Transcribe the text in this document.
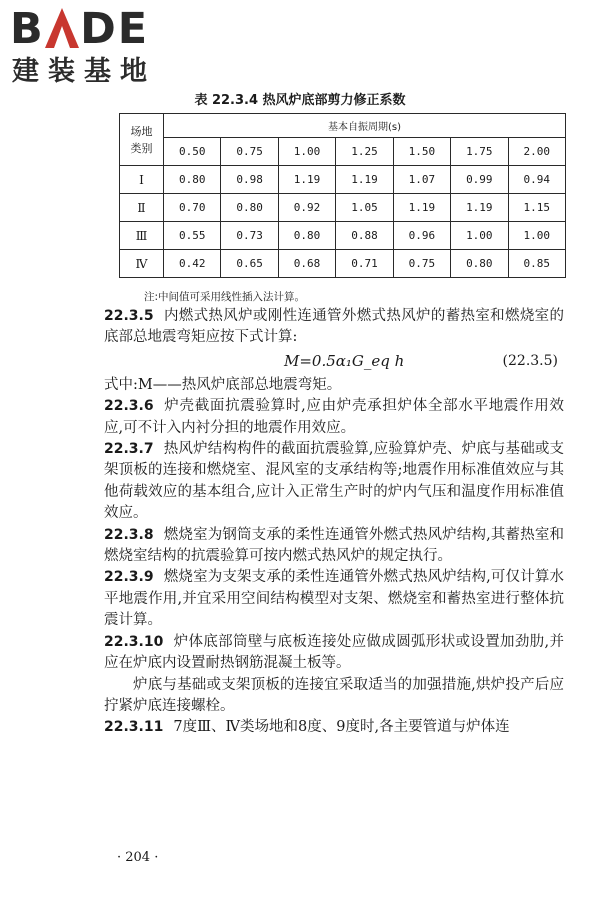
B DE
建装基地
表 22.3.4 热风炉底部剪力修正系数
场地
类别	基本自振周期(s)						
	0.50	0.75	1.00	1.25	1.50	1.75	2.00
Ⅰ	0.80	0.98	1.19	1.19	1.07	0.99	0.94
Ⅱ	0.70	0.80	0.92	1.05	1.19	1.19	1.15
Ⅲ	0.55	0.73	0.80	0.88	0.96	1.00	1.00
Ⅳ	0.42	0.65	0.68	0.71	0.75	0.80	0.85
注:中间值可采用线性插入法计算。

22.3.5 内燃式热风炉或刚性连通管外燃式热风炉的蓄热室和燃烧室的底部总地震弯矩应按下式计算:

M=0.5α₁G_eq h	(22.3.5)

式中:M——热风炉底部总地震弯矩。

22.3.6 炉壳截面抗震验算时,应由炉壳承担炉体全部水平地震作用效应,可不计入内衬分担的地震作用效应。

22.3.7 热风炉结构构件的截面抗震验算,应验算炉壳、炉底与基础或支架顶板的连接和燃烧室、混风室的支承结构等;地震作用标准值效应与其他荷载效应的基本组合,应计入正常生产时的炉内气压和温度作用标准值效应。

22.3.8 燃烧室为钢筒支承的柔性连通管外燃式热风炉结构,其蓄热室和燃烧室结构的抗震验算可按内燃式热风炉的规定执行。

22.3.9 燃烧室为支架支承的柔性连通管外燃式热风炉结构,可仅计算水平地震作用,并宜采用空间结构模型对支架、燃烧室和蓄热室进行整体抗震计算。

22.3.10 炉体底部筒壁与底板连接处应做成圆弧形状或设置加劲肋,并应在炉底内设置耐热钢筋混凝土板等。

炉底与基础或支架顶板的连接宜采取适当的加强措施,烘炉投产后应拧紧炉底连接螺栓。

22.3.11 7度Ⅲ、Ⅳ类场地和8度、9度时,各主要管道与炉体连

· 204 ·
